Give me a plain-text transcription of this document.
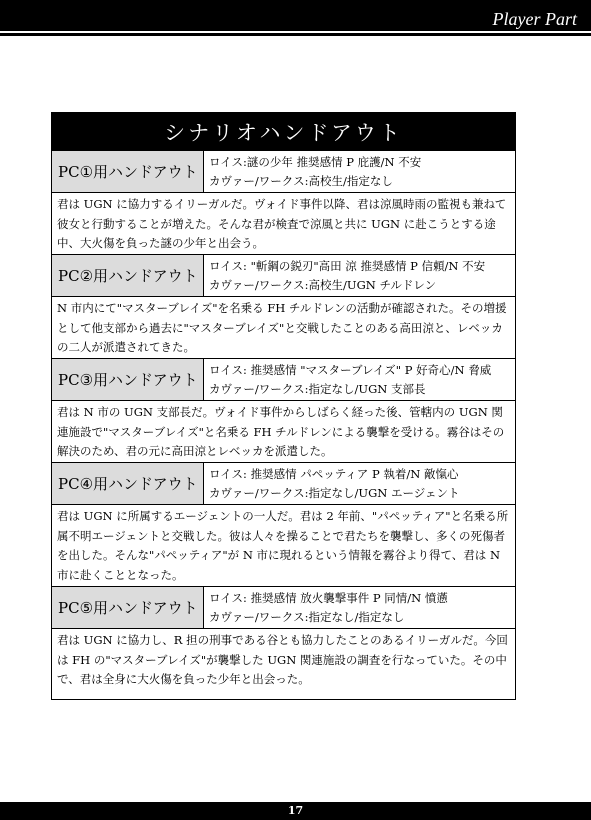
Player Part
シナリオハンドアウト
PC①用ハンドアウト
ロイス:謎の少年 推奨感情 P 庇護/N 不安
カヴァー/ワークス:高校生/指定なし
君は UGN に協力するイリーガルだ。ヴォイド事件以降、君は涼風時雨の監視も兼ねて彼女と行動することが増えた。そんな君が検査で涼風と共に UGN に赴こうとする途中、大火傷を負った謎の少年と出会う。
PC②用ハンドアウト
ロイス: "斬鋼の鋭刃"高田 涼 推奨感情 P 信頼/N 不安
カヴァー/ワークス:高校生/UGN チルドレン
N 市内にて"マスターブレイズ"を名乗る FH チルドレンの活動が確認された。その増援として他支部から過去に"マスターブレイズ"と交戦したことのある高田涼と、レベッカの二人が派遣されてきた。
PC③用ハンドアウト
ロイス: 推奨感情 "マスターブレイズ" P 好奇心/N 脅威
カヴァー/ワークス:指定なし/UGN 支部長
君は N 市の UGN 支部長だ。ヴォイド事件からしばらく経った後、管轄内の UGN 関連施設で"マスターブレイズ"と名乗る FH チルドレンによる襲撃を受ける。霧谷はその解決のため、君の元に高田涼とレベッカを派遣した。
PC④用ハンドアウト
ロイス: 推奨感情 パペッティア P 執着/N 敵愾心
カヴァー/ワークス:指定なし/UGN エージェント
君は UGN に所属するエージェントの一人だ。君は 2 年前、"パペッティア"と名乗る所属不明エージェントと交戦した。彼は人々を操ることで君たちを襲撃し、多くの死傷者を出した。そんな"パペッティア"が N 市に現れるという情報を霧谷より得て、君は N 市に赴くこととなった。
PC⑤用ハンドアウト
ロイス: 推奨感情 放火襲撃事件 P 同情/N 憤懣
カヴァー/ワークス:指定なし/指定なし
君は UGN に協力し、R 担の刑事である谷とも協力したことのあるイリーガルだ。今回は FH の"マスターブレイズ"が襲撃した UGN 関連施設の調査を行なっていた。その中で、君は全身に大火傷を負った少年と出会った。
17
